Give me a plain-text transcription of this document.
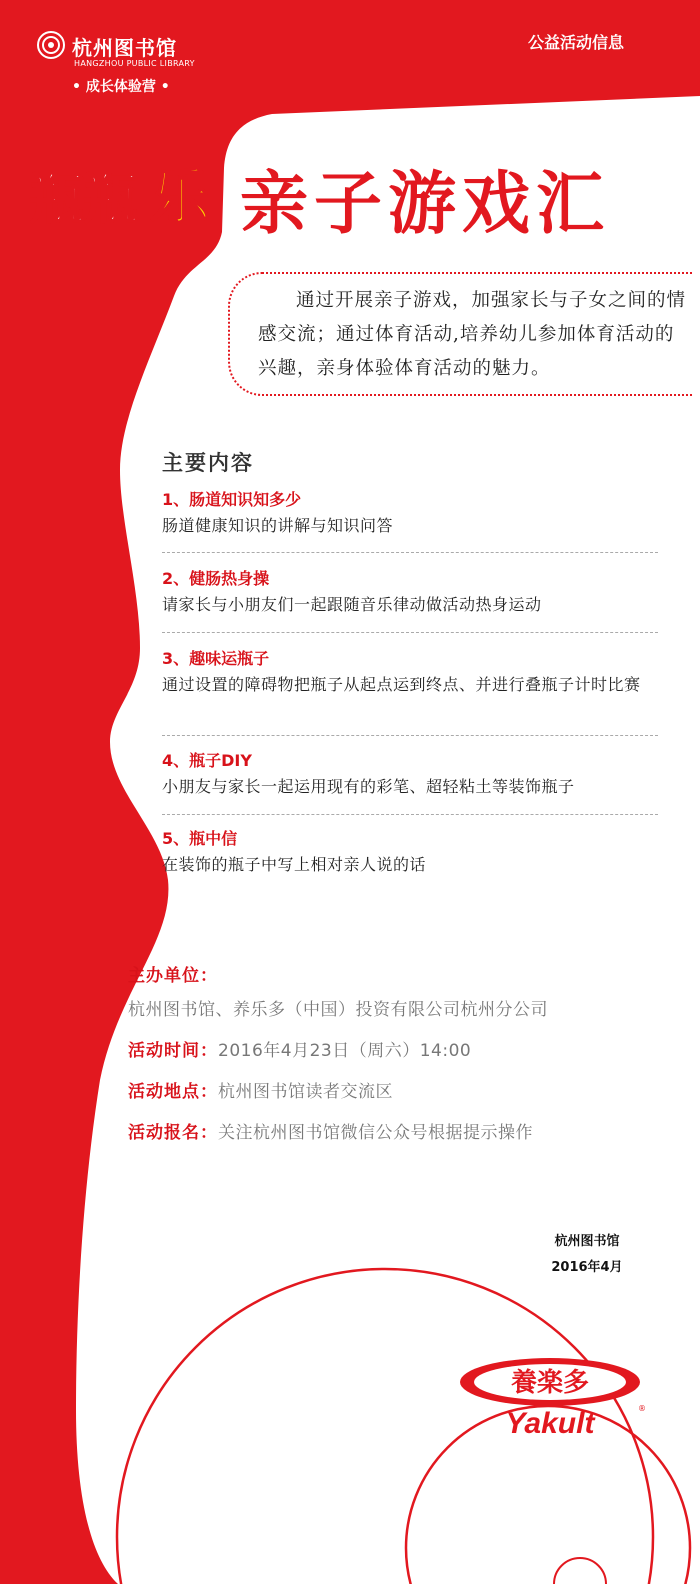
杭州图书馆
HANGZHOU PUBLIC LIBRARY
• 成长体验营 •
公益活动信息
瓶瓶 乐 亲子游戏汇
通过开展亲子游戏，加强家长与子女之间的情感交流；通过体育活动,培养幼儿参加体育活动的兴趣，亲身体验体育活动的魅力。
主要内容
1、肠道知识知多少
肠道健康知识的讲解与知识问答
2、健肠热身操
请家长与小朋友们一起跟随音乐律动做活动热身运动
3、趣味运瓶子
通过设置的障碍物把瓶子从起点运到终点、并进行叠瓶子计时比赛
4、瓶子DIY
小朋友与家长一起运用现有的彩笔、超轻粘土等装饰瓶子
5、瓶中信
在装饰的瓶子中写上相对亲人说的话
主办单位：
杭州图书馆、养乐多（中国）投资有限公司杭州分公司
活动时间：2016年4月23日（周六）14:00
活动地点：杭州图书馆读者交流区
活动报名：关注杭州图书馆微信公众号根据提示操作
杭州图书馆
2016年4月
養楽多
®
Yakult
